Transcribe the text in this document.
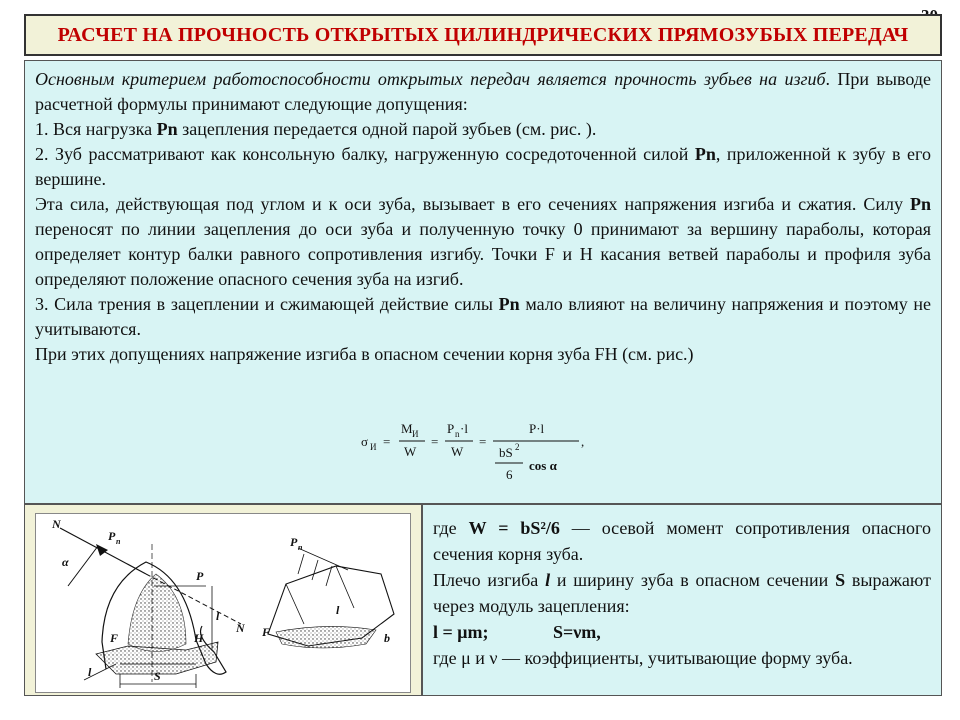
РАСЧЕТ НА ПРОЧНОСТЬ ОТКРЫТЫХ ЦИЛИНДРИЧЕСКИХ ПРЯМОЗУБЫХ ПЕРЕДАЧ

Основным критерием работоспособности открытых передач является прочность зубьев на изгиб. При выводе расчетной формулы принимают следующие допущения:

1. Вся нагрузка Pn зацепления передается одной парой зубьев (см. рис. ).

2. Зуб рассматривают как консольную балку, нагруженную сосредоточенной силой Pn, приложенной к зубу в его вершине.

Эта сила, действующая под углом и к оси зуба, вызывает в его сечениях напряжения изгиба и сжатия. Силу Pn переносят по линии зацепления до оси зуба и полученную точку 0 принимают за вершину параболы, которая определяет контур балки равного сопротивления изгибу. Точки F и H касания ветвей параболы и профиля зуба определяют положение опасного сечения зуба на изгиб.

3. Сила трения в зацеплении и сжимающей действие силы Pn мало влияют на величину напряжения и поэтому не учитываются.

При этих допущениях напряжение изгиба в опасном сечении корня зуба FH (см. рис.)

σ И =
M И
W
=
P n ·l
W
=
P·l
bS 2
6
cos α
,
N
α
P n
P
F	H
N
l
S
l
P n
F
l
b

где W = bS²/6 — осевой момент сопротивления опасного сечения корня зуба.

Плечо изгиба l и ширину зуба в опасном сечении S выражают через модуль зацепления:

l = μm;	S=νm,

где μ и ν — коэффициенты, учитывающие форму зуба.
